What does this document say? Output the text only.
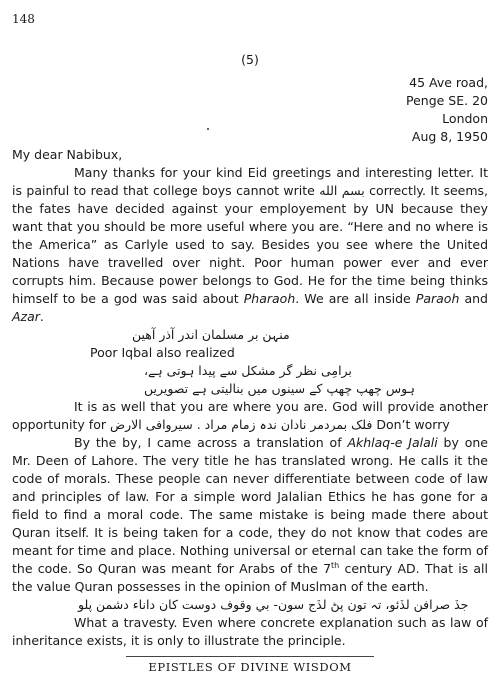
148
(5)
45 Ave road,
Penge SE. 20
London
Aug 8, 1950

My dear Nabibux,

Many thanks for your kind Eid greetings and interesting letter. It is painful to read that college boys cannot write بسم الله correctly. It seems, the fates have decided against your employement by UN because they want that you should be more useful where you are. “Here and no where is the America” as Carlyle used to say. Besides you see where the United Nations have travelled over night. Poor human power ever and ever corrupts him. Because power belongs to God. He for the time being thinks himself to be a god was said about Pharaoh. We are all inside Paraoh and Azar.

منہن بر مسلمان اندر آذر آھین

Poor Iqbal also realized

برامِی نظر گر مشکل سے پیدا ہوتی ہے،

ہوس چھپ چھپ کے سینوں میں بنالیتی ہے تصویریں

It is as well that you are where you are. God will provide another opportunity for	فلک بمردمر نادان ندہ زمام مراد . سیروافی الارض	Don’t worry

By the by, I came across a translation of Akhlaq-e Jalali by one Mr. Deen of Lahore. The very title he has translated wrong. He calls it the code of morals. These people can never differentiate between code of law and principles of law. For a simple word Jalalian Ethics he has gone for a field to find a moral code. The same mistake is being made there about Quran itself. It is being taken for a code, they do not know that codes are meant for time and place. Nothing universal or eternal can take the form of the code. So Quran was meant for Arabs of the 7th century AD. That is all the value Quran possesses in the opinion of Muslman of the earth.

جڏ صرافن لڏئو، تہ تون پڻ لڏج سون- بي وقوف دوست کان داناء دشمن پلو

What a travesty. Even where concrete explanation such as law of inheritance exists, it is only to illustrate the principle.

EPISTLES OF DIVINE WISDOM
